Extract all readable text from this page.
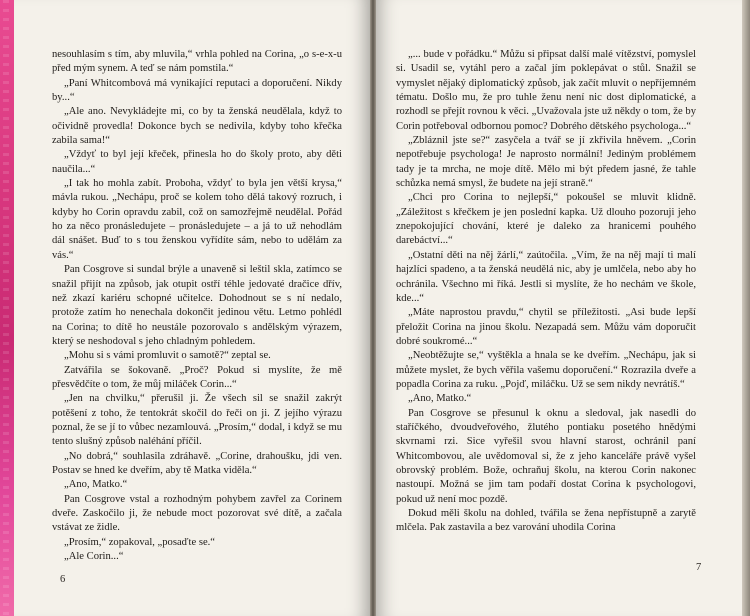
nesouhlasím s tím, aby mluvila,“ vrhla pohled na Corina, „o s-e-x-u před mým synem. A teď se nám pomstila.“

„Paní Whitcombová má vynikající reputaci a doporučení. Nikdy by...“

„Ale ano. Nevykládejte mi, co by ta ženská neudělala, když to očividně provedla! Dokonce bych se nedivila, kdyby toho křečka zabila sama!“

„Vždyť to byl její křeček, přinesla ho do školy proto, aby děti naučila...“

„I tak ho mohla zabít. Proboha, vždyť to byla jen větší krysa,“ mávla rukou. „Nechápu, proč se kolem toho dělá takový rozruch, i kdyby ho Corin opravdu zabil, což on samozřejmě neudělal. Pořád ho za něco pronásledujete – pronásledujete – a já to už nehodlám dál snášet. Buď to s tou ženskou vyřídíte sám, nebo to udělám za vás.“

Pan Cosgrove si sundal brýle a unaveně si leštil skla, zatímco se snažil přijít na způsob, jak otupit ostří téhle jedovaté dračice dřív, než zkazí kariéru schopné učitelce. Dohodnout se s ní nedalo, protože zatím ho nenechala dokončit jedinou větu. Letmo pohlédl na Corina; to dítě ho neustále pozorovalo s andělským výrazem, který se neshodoval s jeho chladným pohledem.

„Mohu si s vámi promluvit o samotě?“ zeptal se.

Zatvářila se šokovaně. „Proč? Pokud si myslíte, že mě přesvědčíte o tom, že můj miláček Corin...“

„Jen na chvilku,“ přerušil ji. Že všech sil se snažil zakrýt potěšení z toho, že tentokrát skočil do řeči on ji. Z jejího výrazu poznal, že se jí to vůbec nezamlouvá. „Prosím,“ dodal, i když se mu tento slušný způsob naléhání příčil.

„No dobrá,“ souhlasila zdráhavě. „Corine, drahoušku, jdi ven. Postav se hned ke dveřím, aby tě Matka viděla.“

„Ano, Matko.“

Pan Cosgrove vstal a rozhodným pohybem zavřel za Corinem dveře. Zaskočilo ji, že nebude moct pozorovat své dítě, a začala vstávat ze židle.

„Prosím,“ zopakoval, „posaďte se.“

„Ale Corin...“

6

„... bude v pořádku.“ Můžu si připsat další malé vítězství, pomyslel si. Usadil se, vytáhl pero a začal jím poklepávat o stůl. Snažil se vymyslet nějaký diplomatický způsob, jak začít mluvit o nepříjemném tématu. Došlo mu, že pro tuhle ženu není nic dost diplomatické, a rozhodl se přejít rovnou k věci. „Uvažovala jste už někdy o tom, že by Corin potřeboval odbornou pomoc? Dobrého dětského psychologa...“

„Zbláznil jste se?“ zasyčela a tvář se jí zkřivila hněvem. „Corin nepotřebuje psychologa! Je naprosto normální! Jediným problémem tady je ta mrcha, ne moje dítě. Mělo mi být předem jasné, že tahle schůzka nemá smysl, že budete na její straně.“

„Chci pro Corina to nejlepší,“ pokoušel se mluvit klidně. „Záležitost s křečkem je jen poslední kapka. Už dlouho pozoruji jeho znepokojující chování, které je daleko za hranicemi pouhého darebáctví...“

„Ostatní děti na něj žárlí,“ zaútočila. „Vím, že na něj mají ti malí hajzlíci spadeno, a ta ženská neudělá nic, aby je umlčela, nebo aby ho ochránila. Všechno mi říká. Jestli si myslíte, že ho nechám ve škole, kde...“

„Máte naprostou pravdu,“ chytil se příležitosti. „Asi bude lepší přeložit Corina na jinou školu. Nezapadá sem. Můžu vám doporučit dobré soukromé...“

„Neobtěžujte se,“ vyštěkla a hnala se ke dveřím. „Nechápu, jak si můžete myslet, že bych věřila vašemu doporučení.“ Rozrazila dveře a popadla Corina za ruku. „Pojď, miláčku. Už se sem nikdy nevrátíš.“

„Ano, Matko.“

Pan Cosgrove se přesunul k oknu a sledoval, jak nasedli do staříčkého, dvoudveřového, žlutého pontiaku posetého hnědými skvrnami rzi. Sice vyřešil svou hlavní starost, ochránil paní Whitcombovou, ale uvědomoval si, že z jeho kanceláře právě vyšel obrovský problém. Bože, ochraňuj školu, na kterou Corin nakonec nastoupí. Možná se jim tam podaří dostat Corina k psychologovi, pokud už není moc pozdě.

Dokud měli školu na dohled, tvářila se žena nepřístupně a zarytě mlčela. Pak zastavila a bez varování uhodila Corina

7
